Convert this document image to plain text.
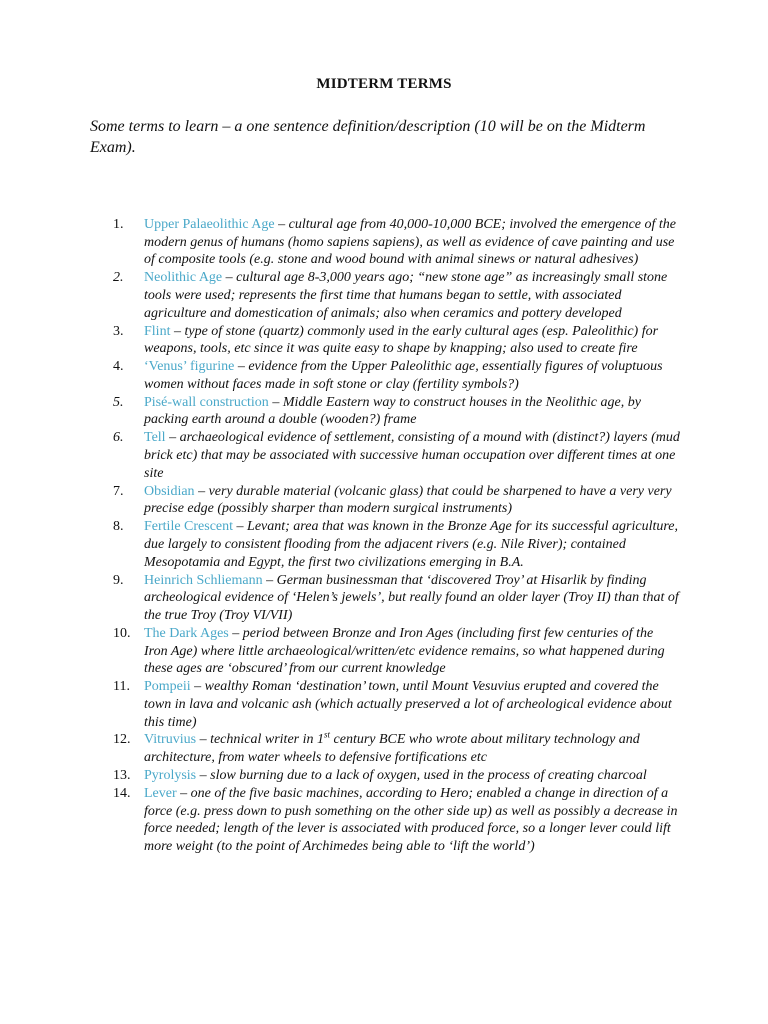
MIDTERM TERMS
Some terms to learn – a one sentence definition/description (10 will be on the Midterm Exam).
1. Upper Palaeolithic Age – cultural age from 40,000-10,000 BCE; involved the emergence of the modern genus of humans (homo sapiens sapiens), as well as evidence of cave painting and use of composite tools (e.g. stone and wood bound with animal sinews or natural adhesives)
2. Neolithic Age – cultural age 8-3,000 years ago; “new stone age” as increasingly small stone tools were used; represents the first time that humans began to settle, with associated agriculture and domestication of animals; also when ceramics and pottery developed
3. Flint – type of stone (quartz) commonly used in the early cultural ages (esp. Paleolithic) for weapons, tools, etc since it was quite easy to shape by knapping; also used to create fire
4. ‘Venus’ figurine – evidence from the Upper Paleolithic age, essentially figures of voluptuous women without faces made in soft stone or clay (fertility symbols?)
5. Pisé-wall construction – Middle Eastern way to construct houses in the Neolithic age, by packing earth around a double (wooden?) frame
6. Tell – archaeological evidence of settlement, consisting of a mound with (distinct?) layers (mud brick etc) that may be associated with successive human occupation over different times at one site
7. Obsidian – very durable material (volcanic glass) that could be sharpened to have a very very precise edge (possibly sharper than modern surgical instruments)
8. Fertile Crescent – Levant; area that was known in the Bronze Age for its successful agriculture, due largely to consistent flooding from the adjacent rivers (e.g. Nile River); contained Mesopotamia and Egypt, the first two civilizations emerging in B.A.
9. Heinrich Schliemann – German businessman that ‘discovered Troy’ at Hisarlik by finding archeological evidence of ‘Helen’s jewels’, but really found an older layer (Troy II) than that of the true Troy (Troy VI/VII)
10. The Dark Ages – period between Bronze and Iron Ages (including first few centuries of the Iron Age) where little archaeological/written/etc evidence remains, so what happened during these ages are ‘obscured’ from our current knowledge
11. Pompeii – wealthy Roman ‘destination’ town, until Mount Vesuvius erupted and covered the town in lava and volcanic ash (which actually preserved a lot of archeological evidence about this time)
12. Vitruvius – technical writer in 1st century BCE who wrote about military technology and architecture, from water wheels to defensive fortifications etc
13. Pyrolysis – slow burning due to a lack of oxygen, used in the process of creating charcoal
14. Lever – one of the five basic machines, according to Hero; enabled a change in direction of a force (e.g. press down to push something on the other side up) as well as possibly a decrease in force needed; length of the lever is associated with produced force, so a longer lever could lift more weight (to the point of Archimedes being able to ‘lift the world’)
